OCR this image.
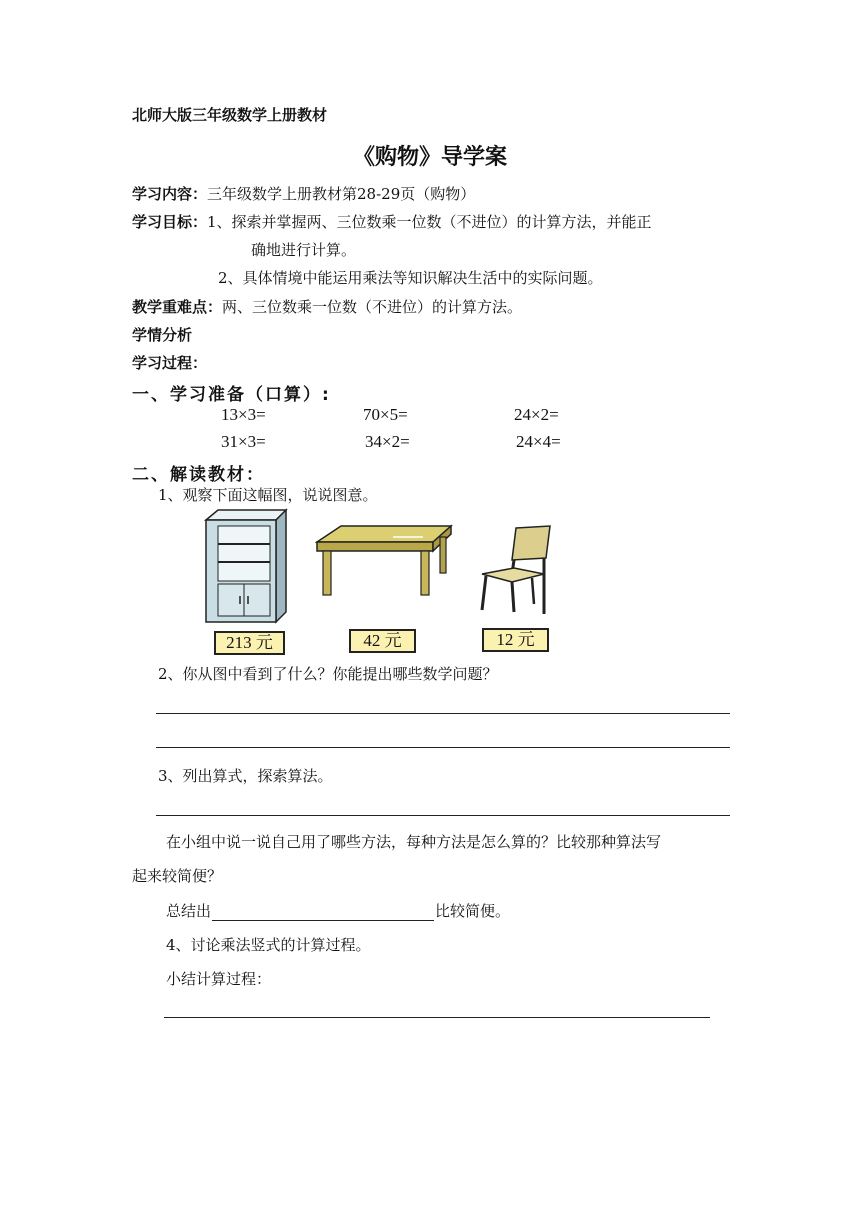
北师大版三年级数学上册教材
《购物》导学案
学习内容：三年级数学上册教材第28-29页（购物）
学习目标：1、探索并掌握两、三位数乘一位数（不进位）的计算方法，并能正
确地进行计算。
2、具体情境中能运用乘法等知识解决生活中的实际问题。
教学重难点：两、三位数乘一位数（不进位）的计算方法。
学情分析
学习过程：
一、学习准备（口算）:
13×3=	70×5=	24×2=
31×3=	34×2=	24×4=
二、解读教材：
1、观察下面这幅图，说说图意。
213 元	42 元	12 元
2、你从图中看到了什么？你能提出哪些数学问题？
3、列出算式，探索算法。
在小组中说一说自己用了哪些方法，每种方法是怎么算的？比较那种算法写
起来较简便？
总结出	比较简便。
4、讨论乘法竖式的计算过程。
小结计算过程：
